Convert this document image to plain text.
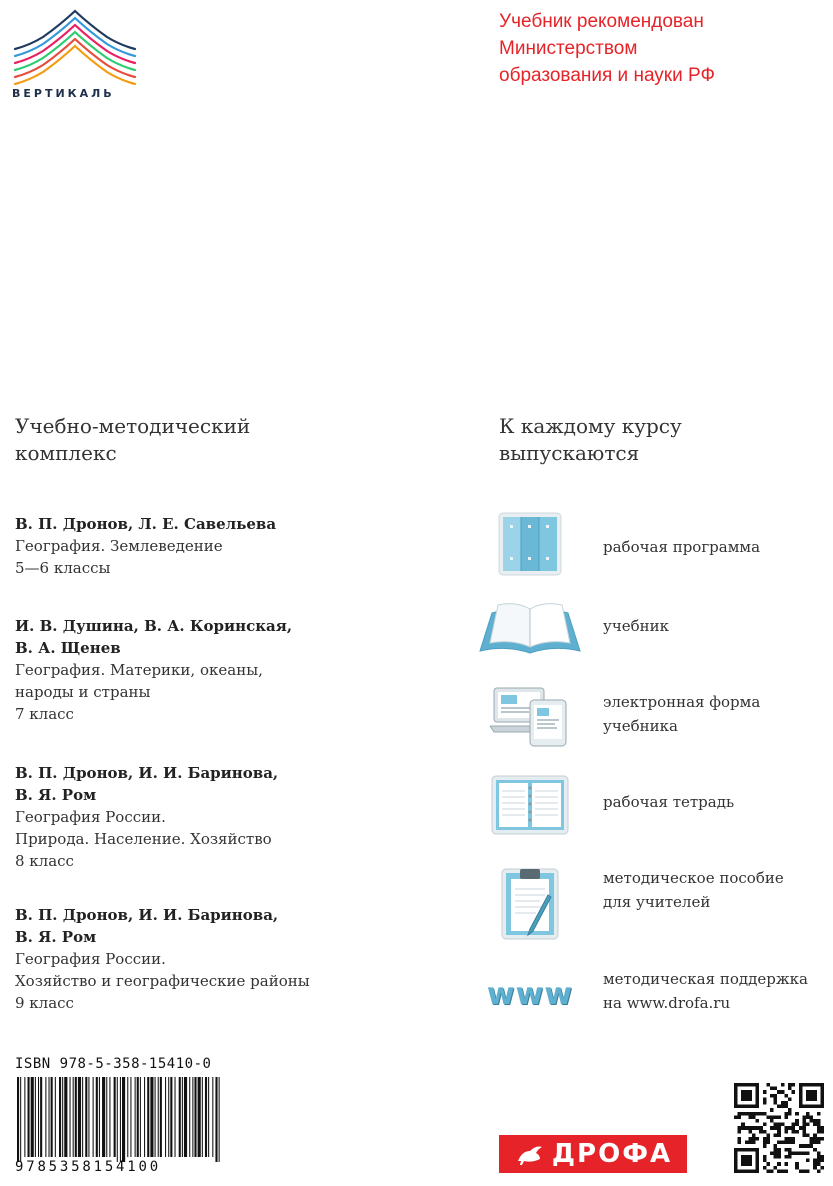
ВЕРТИКАЛЬ
Учебник рекомендован
Министерством
образования и науки РФ
Учебно-методический
комплекс
В. П. Дронов, Л. Е. Савельева
География. Землеведение
5—6 классы
И. В. Душина, В. А. Коринская,
В. А. Щенев
География. Материки, океаны,
народы и страны
7 класс
В. П. Дронов, И. И. Баринова,
В. Я. Ром
География России.
Природа. Население. Хозяйство
8 класс
В. П. Дронов, И. И. Баринова,
В. Я. Ром
География России.
Хозяйство и географические районы
9 класс
К каждому курсу
выпускаются
рабочая программа
учебник
электронная форма
учебника
рабочая тетрадь
методическое пособие
для учителей
www методическая поддержка
на www.drofa.ru
ISBN 978-5-358-15410-0
9785358154100	ДРОФА
